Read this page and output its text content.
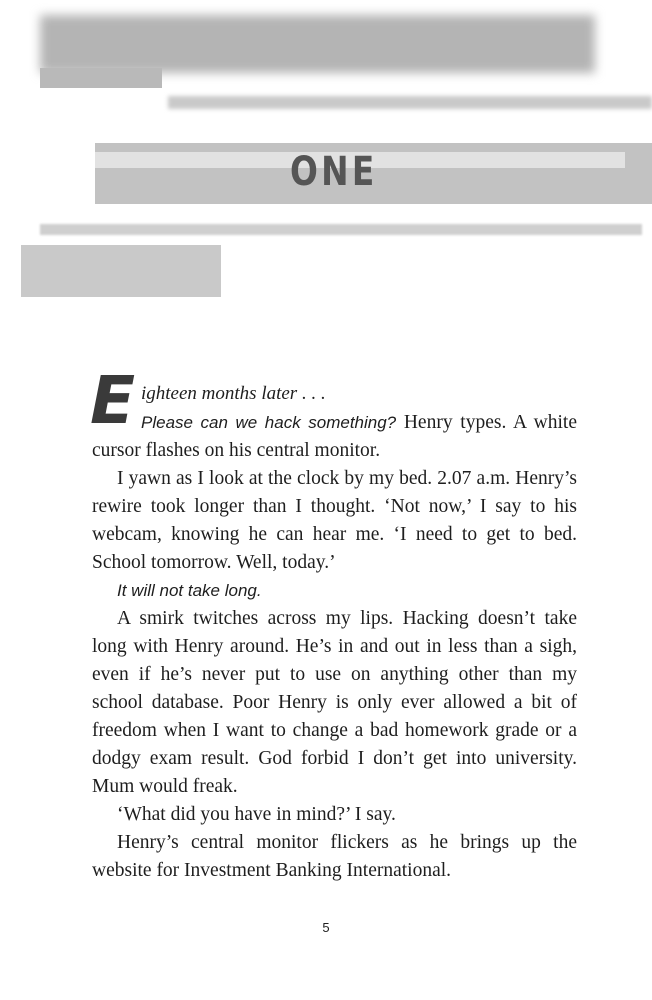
ONE
E ighteen months later . . .

Please can we hack something? Henry types. A white cursor flashes on his central monitor.

I yawn as I look at the clock by my bed. 2.07 a.m. Henry’s rewire took longer than I thought. ‘Not now,’ I say to his webcam, knowing he can hear me. ‘I need to get to bed. School tomorrow. Well, today.’

It will not take long.

A smirk twitches across my lips. Hacking doesn’t take long with Henry around. He’s in and out in less than a sigh, even if he’s never put to use on anything other than my school database. Poor Henry is only ever allowed a bit of freedom when I want to change a bad homework grade or a dodgy exam result. God forbid I don’t get into university. Mum would freak.

‘What did you have in mind?’ I say.

Henry’s central monitor flickers as he brings up the website for Investment Banking International.

5
